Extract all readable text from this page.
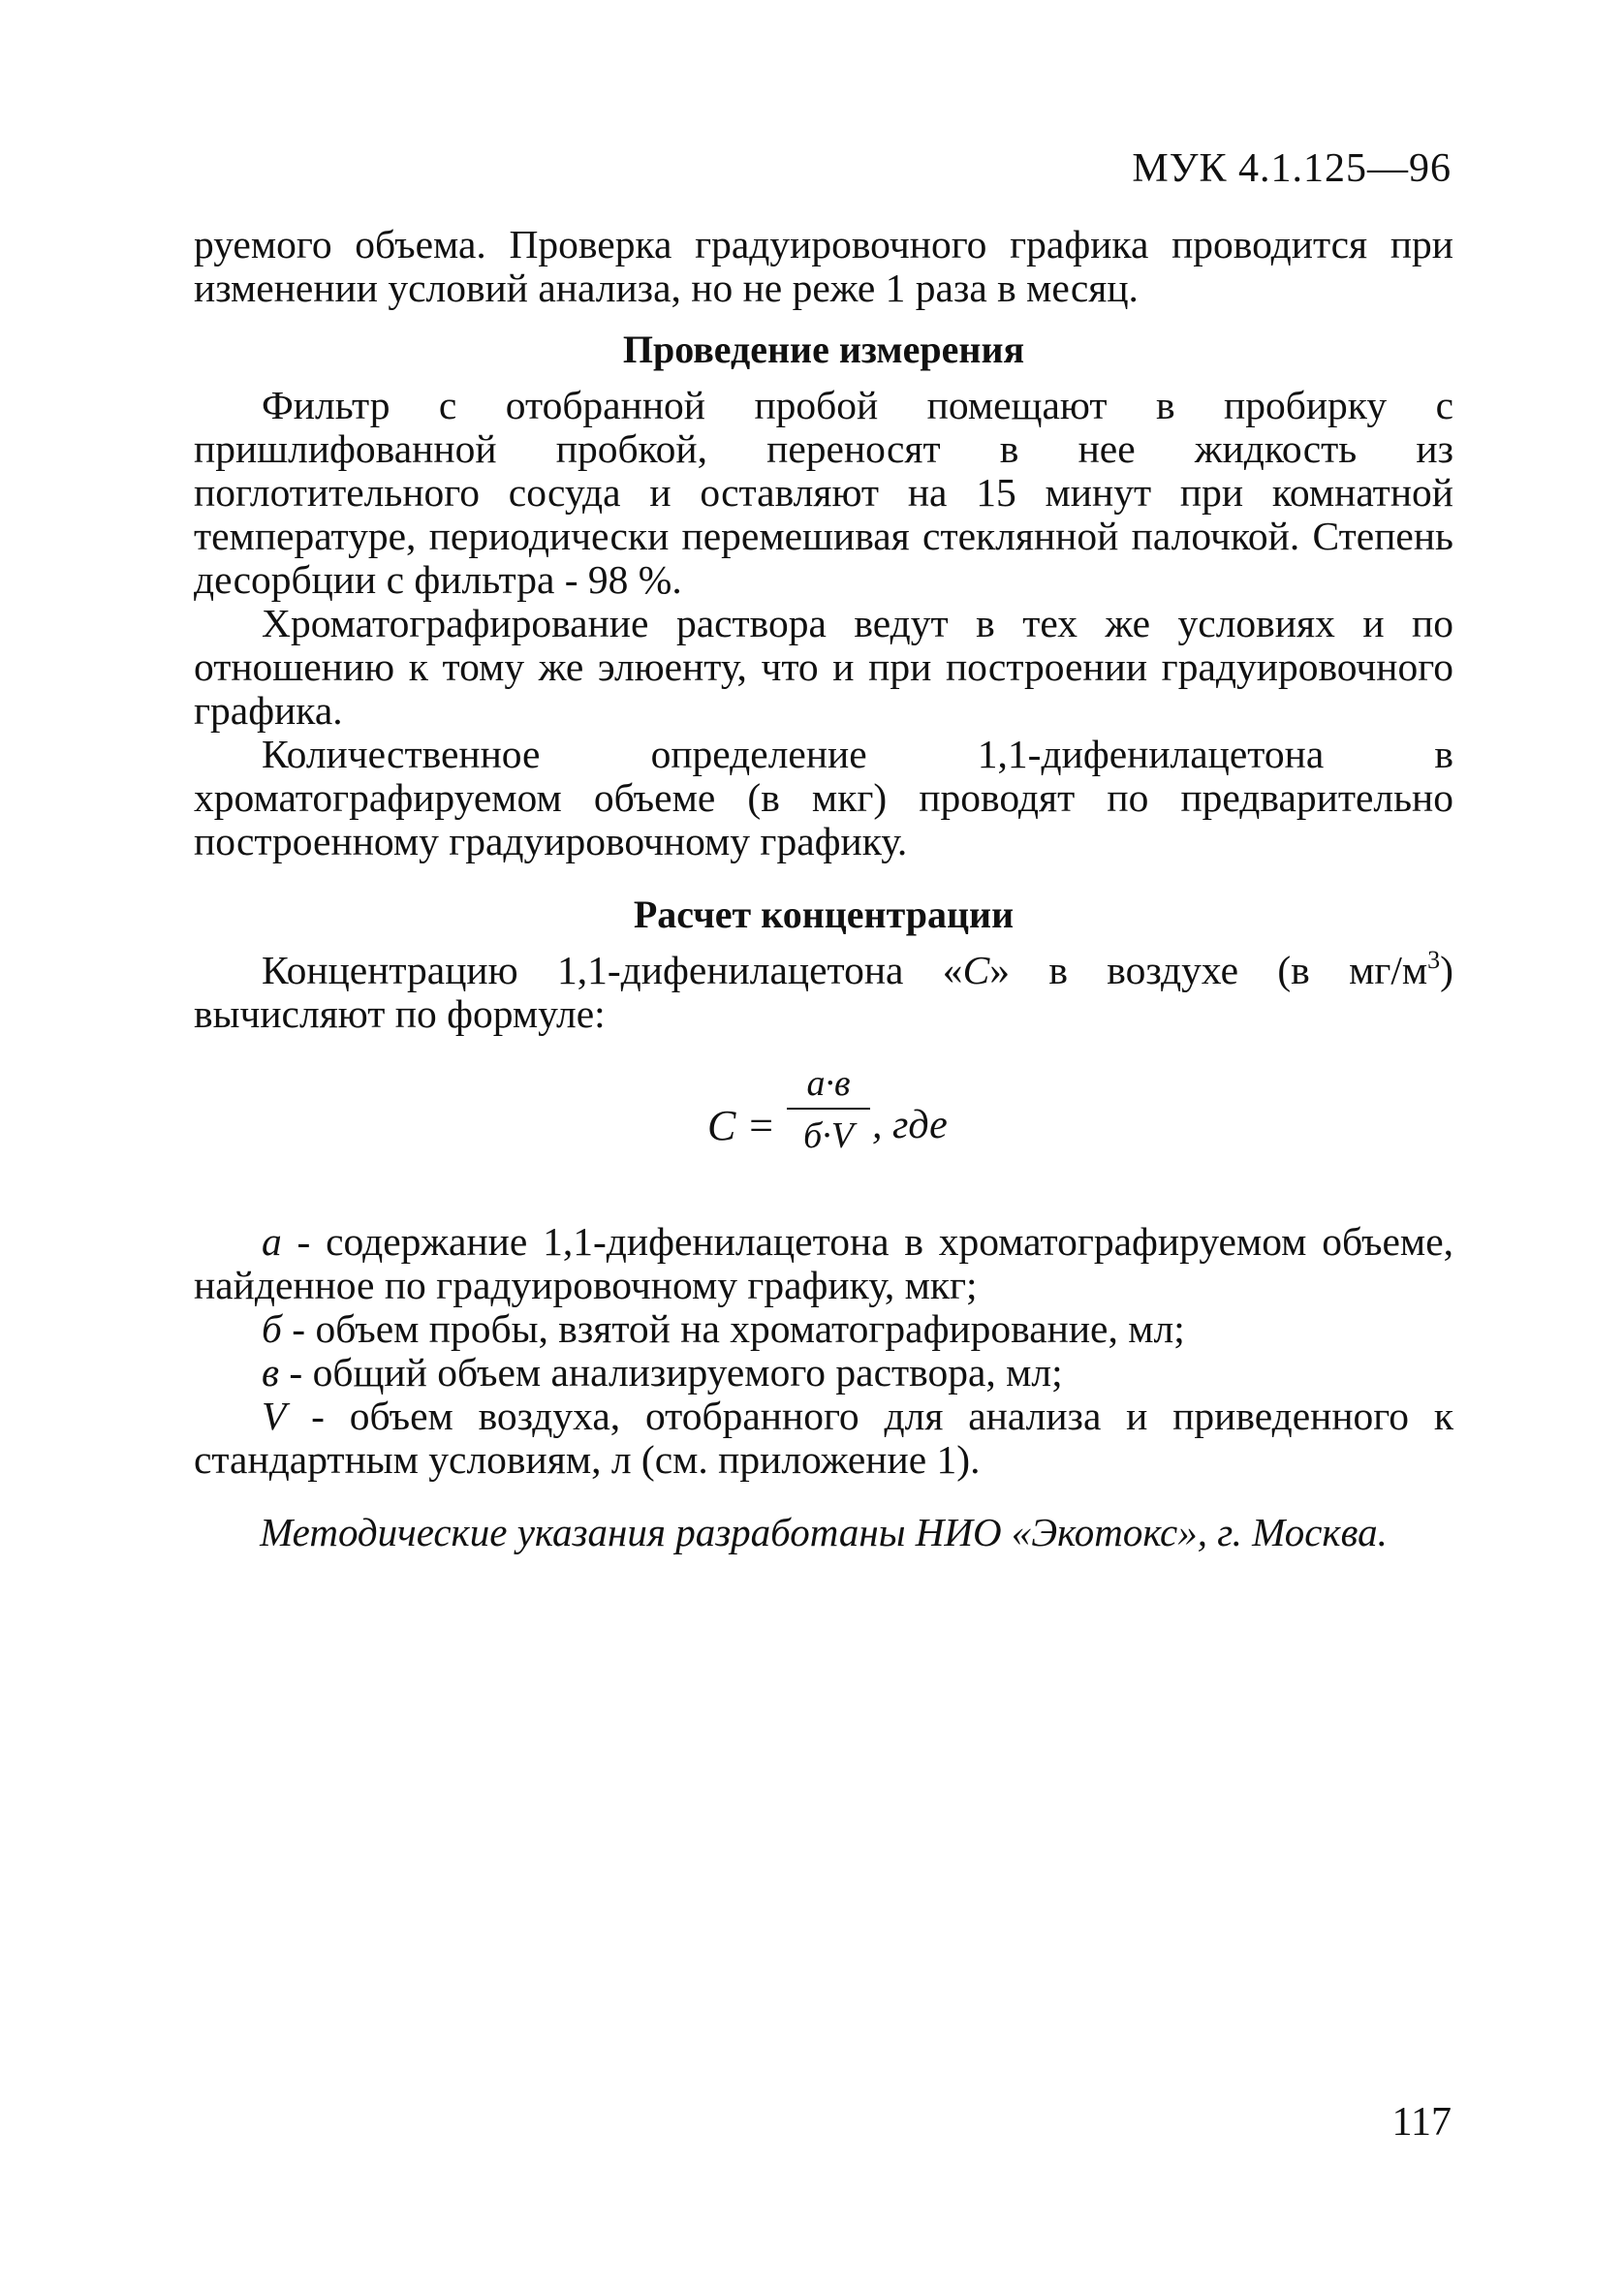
МУК 4.1.125—96

руемого объема. Проверка градуировочного графика проводится при изменении условий анализа, но не реже 1 раза в месяц.

Проведение измерения

Фильтр с отобранной пробой помещают в пробирку с пришлифованной пробкой, переносят в нее жидкость из поглотительного сосуда и оставляют на 15 минут при комнатной температуре, периодически перемешивая стеклянной палочкой. Степень десорбции с фильтра - 98 %.

Хроматографирование раствора ведут в тех же условиях и по отношению к тому же элюенту, что и при построении градуировочного графика.

Количественное определение 1,1-дифенилацетона в хроматографируемом объеме (в мкг) проводят по предварительно построенному градуировочному графику.

Расчет концентрации

Концентрацию 1,1-дифенилацетона «С» в воздухе (в $мг/м^3$) вычисляют по формуле:

С =
а·в
б·V , где

а - содержание 1,1-дифенилацетона в хроматографируемом объеме, найденное по градуировочному графику, мкг;

б - объем пробы, взятой на хроматографирование, мл;

в - общий объем анализируемого раствора, мл;

V - объем воздуха, отобранного для анализа и приведенного к стандартным условиям, л (см. приложение 1).

Методические указания разработаны НИО «Экотокс», г. Москва.
117
